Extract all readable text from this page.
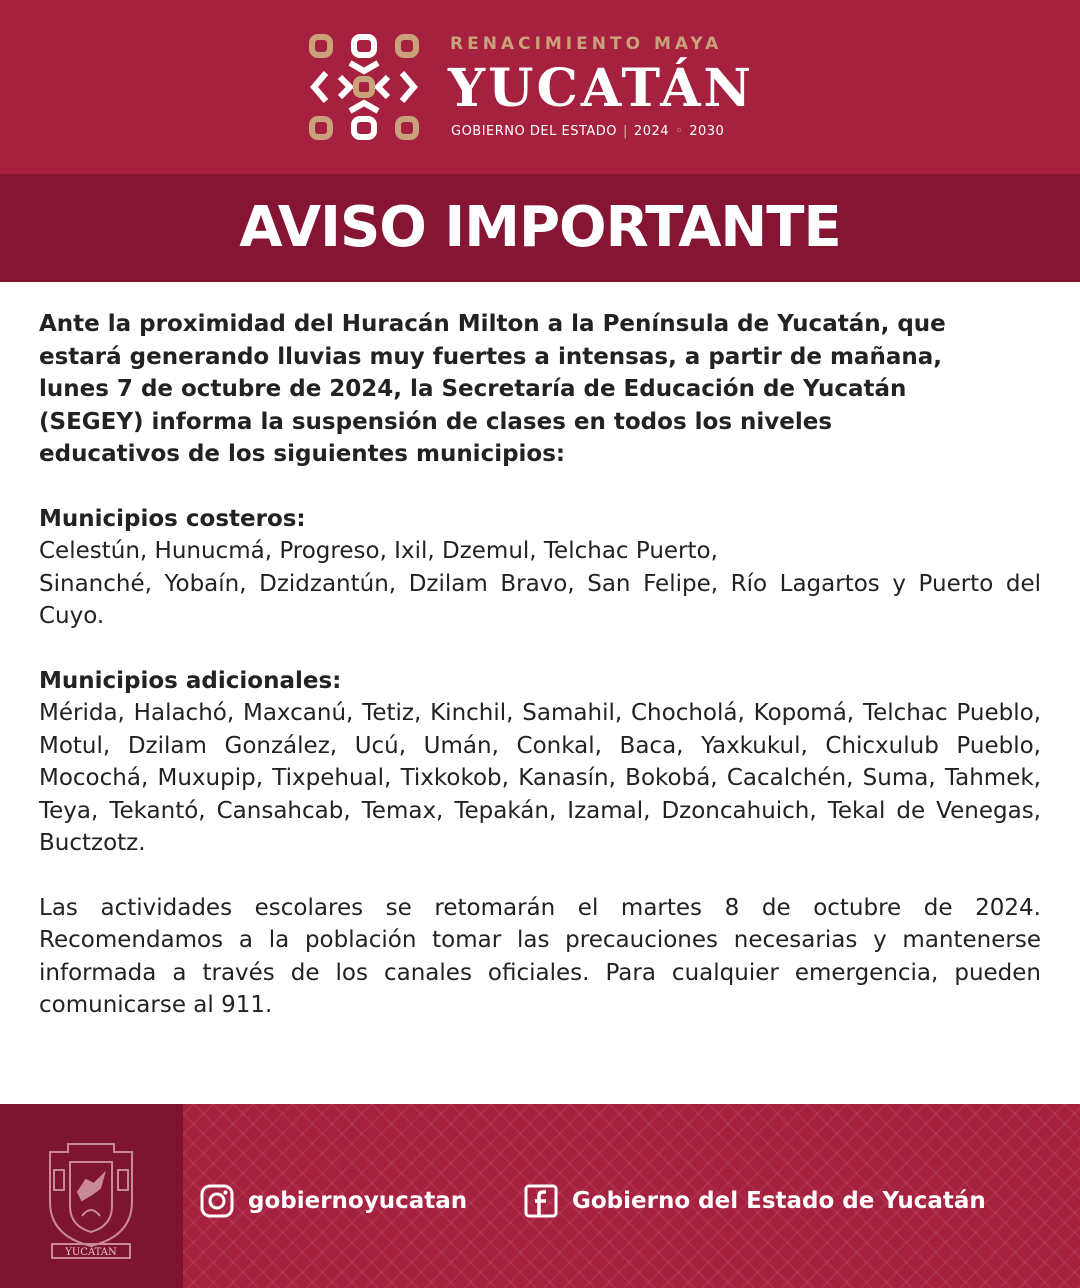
RENACIMIENTO MAYA
YUCATÁN
GOBIERNO DEL ESTADO | 2024 ◦ 2030
AVISO IMPORTANTE

Ante la proximidad del Huracán Milton a la Península de Yucatán, que
estará generando lluvias muy fuertes a intensas, a partir de mañana,
lunes 7 de octubre de 2024, la Secretaría de Educación de Yucatán
(SEGEY) informa la suspensión de clases en todos los niveles
educativos de los siguientes municipios:

Municipios costeros:

Celestún, Hunucmá, Progreso, Ixil, Dzemul, Telchac Puerto,

Sinanché, Yobaín, Dzidzantún, Dzilam Bravo, San Felipe, Río Lagartos y Puerto del Cuyo.

Municipios adicionales:

Mérida, Halachó, Maxcanú, Tetiz, Kinchil, Samahil, Chocholá, Kopomá, Telchac Pueblo, Motul, Dzilam González, Ucú, Umán, Conkal, Baca, Yaxkukul, Chicxulub Pueblo, Mocochá, Muxupip, Tixpehual, Tixkokob, Kanasín, Bokobá, Cacalchén, Suma, Tahmek, Teya, Tekantó, Cansahcab, Temax, Tepakán, Izamal, Dzoncahuich, Tekal de Venegas, Buctzotz.

Las actividades escolares se retomarán el martes 8 de octubre de 2024. Recomendamos a la población tomar las precauciones necesarias y mantenerse informada a través de los canales oficiales. Para cualquier emergencia, pueden comunicarse al 911.

YUCATAN
gobiernoyucatan	Gobierno del Estado de Yucatán
